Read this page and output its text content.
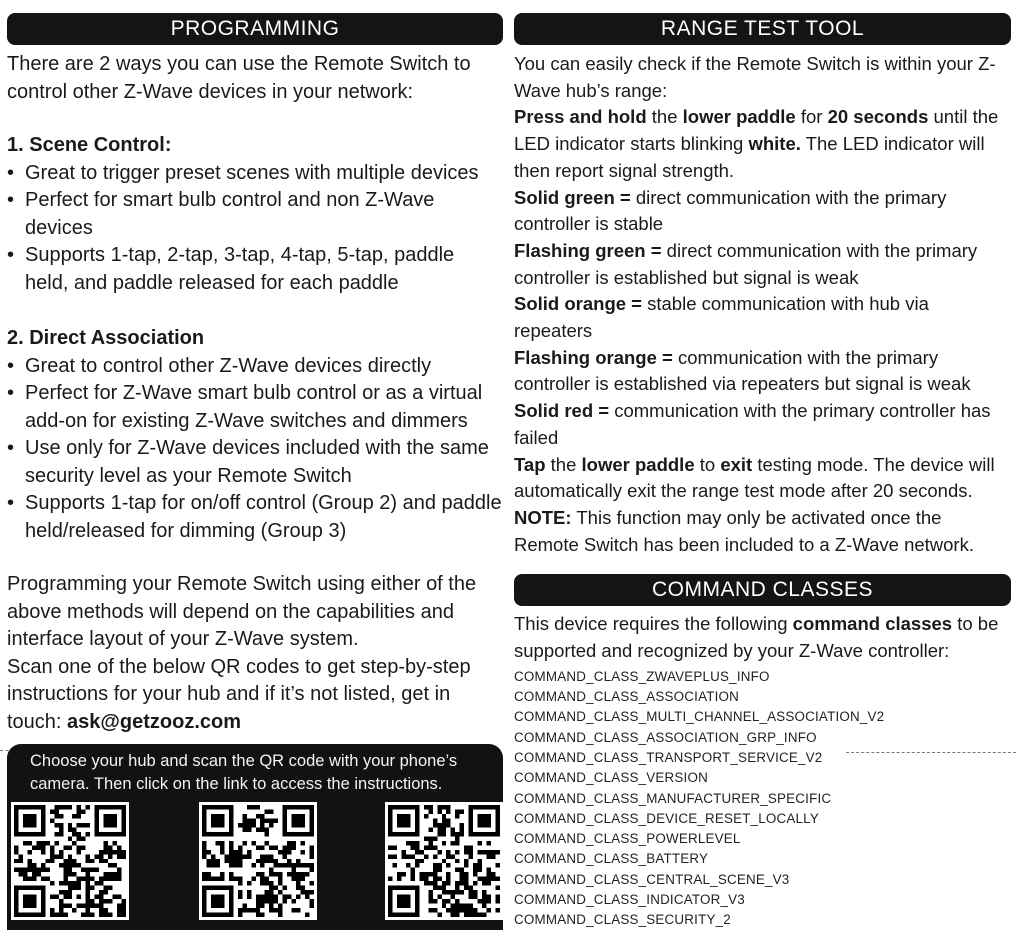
PROGRAMMING

There are 2 ways you can use the Remote Switch to control other Z-Wave devices in your network:

1. Scene Control:

• Great to trigger preset scenes with multiple devices
• Perfect for smart bulb control and non Z-Wave devices
• Supports 1-tap, 2-tap, 3-tap, 4-tap, 5-tap, paddle held, and paddle released for each paddle

2. Direct Association

• Great to control other Z-Wave devices directly
• Perfect for Z-Wave smart bulb control or as a virtual add-on for existing Z-Wave switches and dimmers
• Use only for Z-Wave devices included with the same security level as your Remote Switch
• Supports 1-tap for on/off control (Group 2) and paddle held/released for dimming (Group 3)

Programming your Remote Switch using either of the above methods will depend on the capabilities and interface layout of your Z-Wave system.

Scan one of the below QR codes to get step-by-step instructions for your hub and if it’s not listed, get in touch: ask@getzooz.com

Choose your hub and scan the QR code with your phone’s camera. Then click on the link to access the instructions.

RANGE TEST TOOL

You can easily check if the Remote Switch is within your Z-Wave hub’s range:

Press and hold the lower paddle for 20 seconds until the LED indicator starts blinking white. The LED indicator will then report signal strength.

Solid green = direct communication with the primary controller is stable

Flashing green = direct communication with the primary controller is established but signal is weak

Solid orange = stable communication with hub via repeaters

Flashing orange = communication with the primary controller is established via repeaters but signal is weak

Solid red = communication with the primary controller has failed

Tap the lower paddle to exit testing mode. The device will automatically exit the range test mode after 20 seconds.

NOTE: This function may only be activated once the Remote Switch has been included to a Z-Wave network.

COMMAND CLASSES

This device requires the following command classes to be supported and recognized by your Z-Wave controller:

COMMAND_CLASS_ZWAVEPLUS_INFO
COMMAND_CLASS_ASSOCIATION
COMMAND_CLASS_MULTI_CHANNEL_ASSOCIATION_V2
COMMAND_CLASS_ASSOCIATION_GRP_INFO
COMMAND_CLASS_TRANSPORT_SERVICE_V2
COMMAND_CLASS_VERSION
COMMAND_CLASS_MANUFACTURER_SPECIFIC
COMMAND_CLASS_DEVICE_RESET_LOCALLY
COMMAND_CLASS_POWERLEVEL
COMMAND_CLASS_BATTERY
COMMAND_CLASS_CENTRAL_SCENE_V3
COMMAND_CLASS_INDICATOR_V3
COMMAND_CLASS_SECURITY_2
